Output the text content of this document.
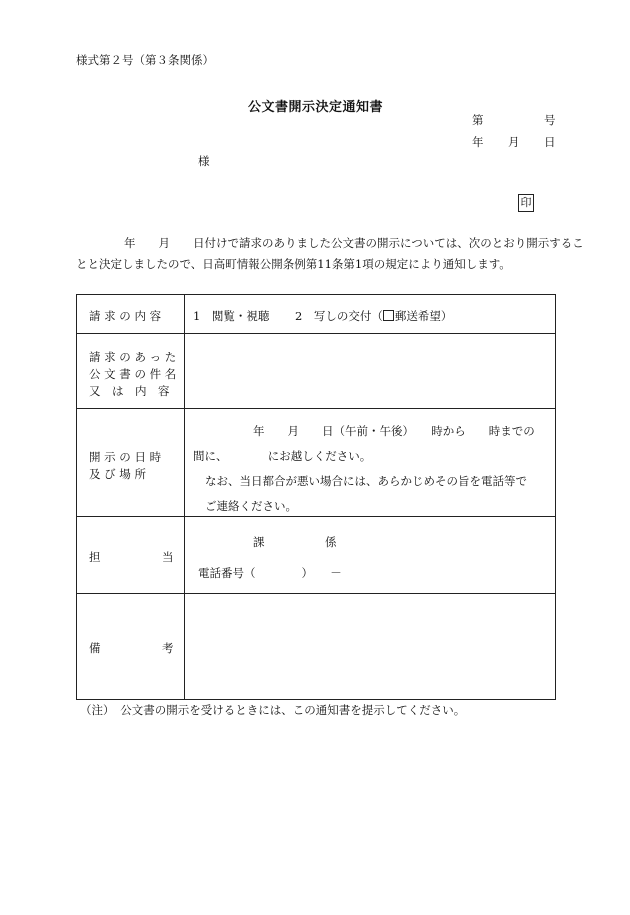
様式第２号（第３条関係）
公文書開示決定通知書
第	号
年 月 日
様
印
年　　月　　日付けで請求のありました公文書の開示については、次のとおり開示するこ
とと決定しましたので、日高町情報公開条例第11条第1項の規定により通知します。
請 求 の 内 容	1　閲覧・視聴 2　写しの交付（ 郵送希望）

請 求 の あ っ た
公 文 書 の 件 名
又　は　内　容	

開 示 の 日 時
及 び 場 所	年　　月　　日（午前・午後）　　時から　　時までの
間に、　　　　にお越しください。
なお、当日都合が悪い場合には、あらかじめその旨を電話等で
ご連絡ください。

担 当	課 係
電話番号（　　　　）　　－

備 考	

（注）　公文書の開示を受けるときには、この通知書を提示してください。
